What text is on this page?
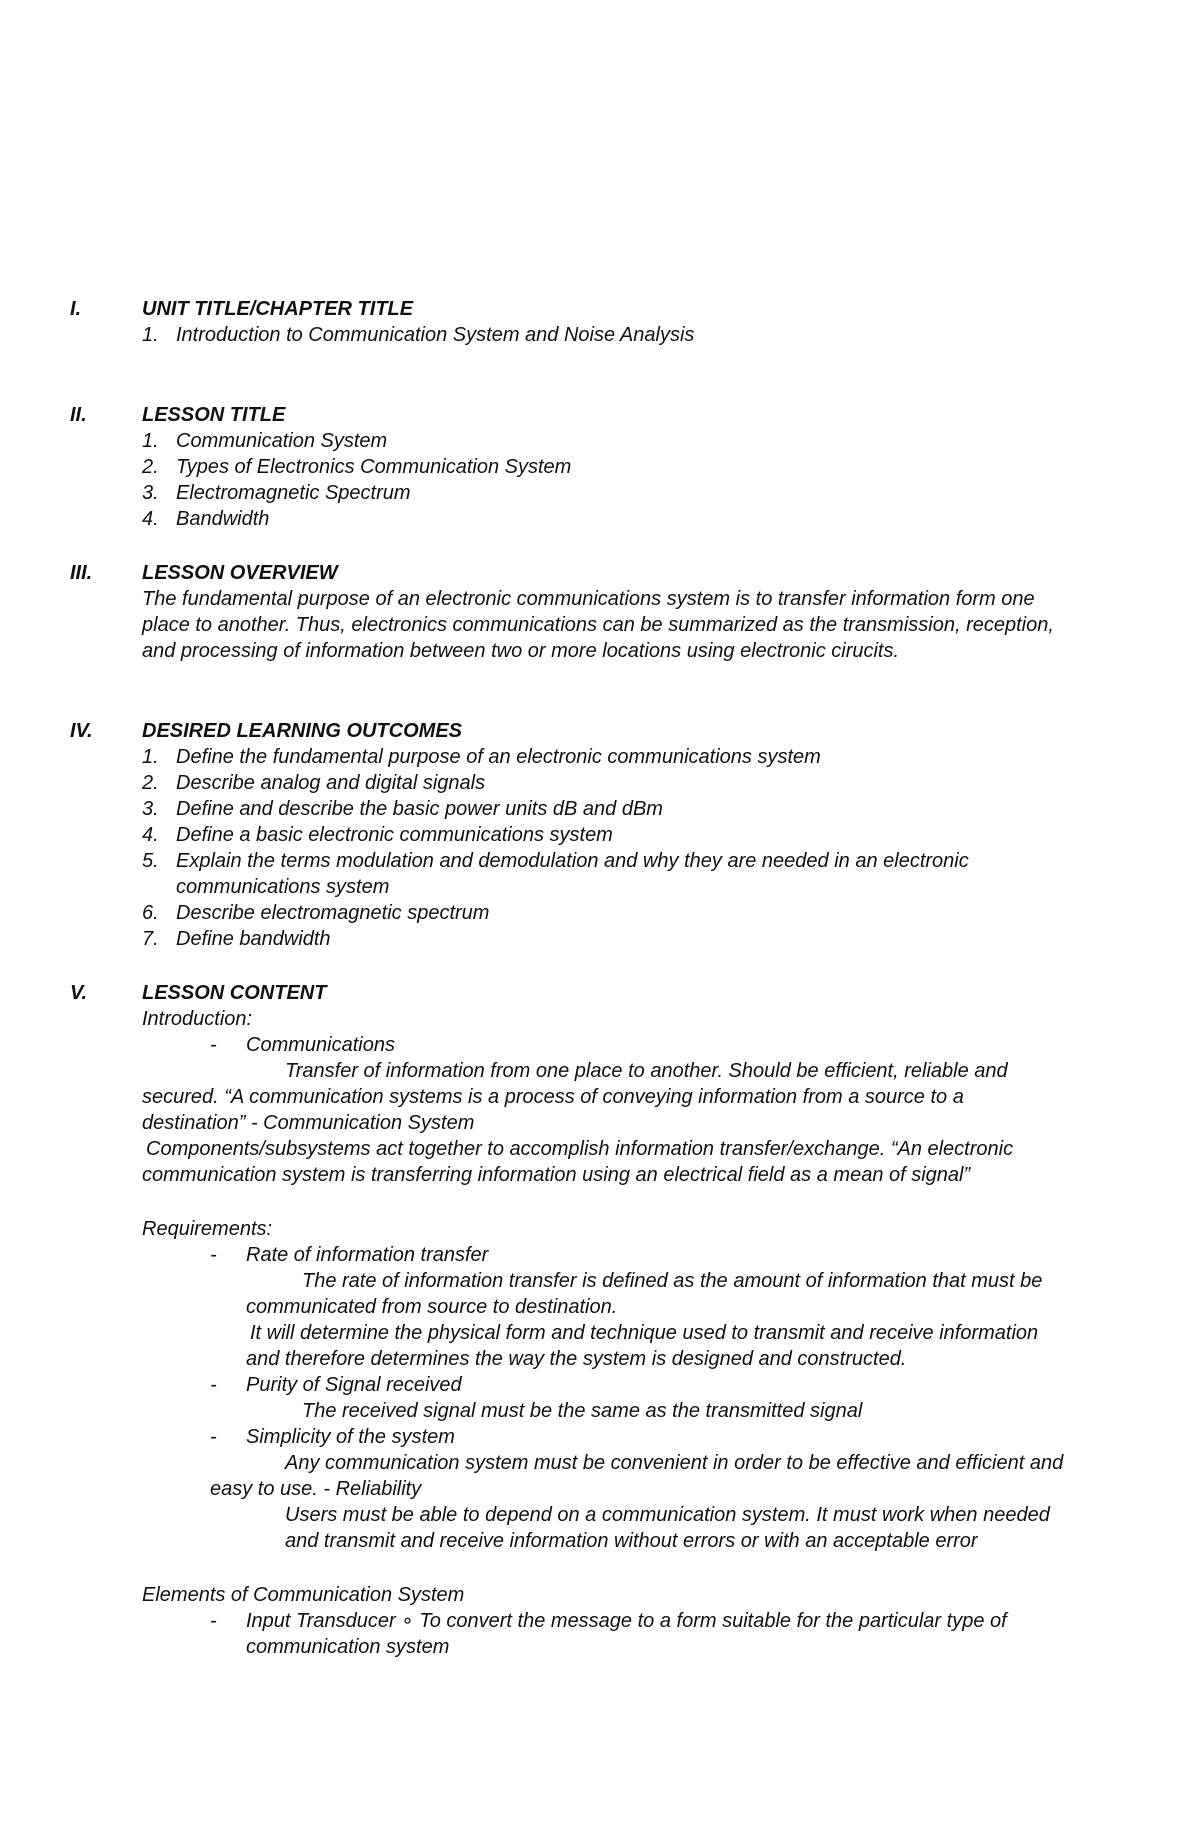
I.	UNIT TITLE/CHAPTER TITLE
1. Introduction to Communication System and Noise Analysis
II.	LESSON TITLE
1. Communication System
2. Types of Electronics Communication System
3. Electromagnetic Spectrum
4. Bandwidth
III.	LESSON OVERVIEW
The fundamental purpose of an electronic communications system is to transfer information form one
place to another. Thus, electronics communications can be summarized as the transmission, reception,
and processing of information between two or more locations using electronic cirucits.
IV.	DESIRED LEARNING OUTCOMES
1. Define the fundamental purpose of an electronic communications system
2. Describe analog and digital signals
3. Define and describe the basic power units dB and dBm
4. Define a basic electronic communications system
5. Explain the terms modulation and demodulation and why they are needed in an electronic
communications system
6. Describe electromagnetic spectrum
7. Define bandwidth
V.	LESSON CONTENT
Introduction:
- Communications
Transfer of information from one place to another. Should be efficient, reliable and
secured. “A communication systems is a process of conveying information from a source to a
destination” - Communication System
Components/subsystems act together to accomplish information transfer/exchange. “An electronic
communication system is transferring information using an electrical field as a mean of signal”
Requirements:
- Rate of information transfer
The rate of information transfer is defined as the amount of information that must be
communicated from source to destination.
It will determine the physical form and technique used to transmit and receive information
and therefore determines the way the system is designed and constructed.
- Purity of Signal received
The received signal must be the same as the transmitted signal
- Simplicity of the system
Any communication system must be convenient in order to be effective and efficient and
easy to use. - Reliability
Users must be able to depend on a communication system. It must work when needed
and transmit and receive information without errors or with an acceptable error
Elements of Communication System
- Input Transducer ∘ To convert the message to a form suitable for the particular type of
communication system
